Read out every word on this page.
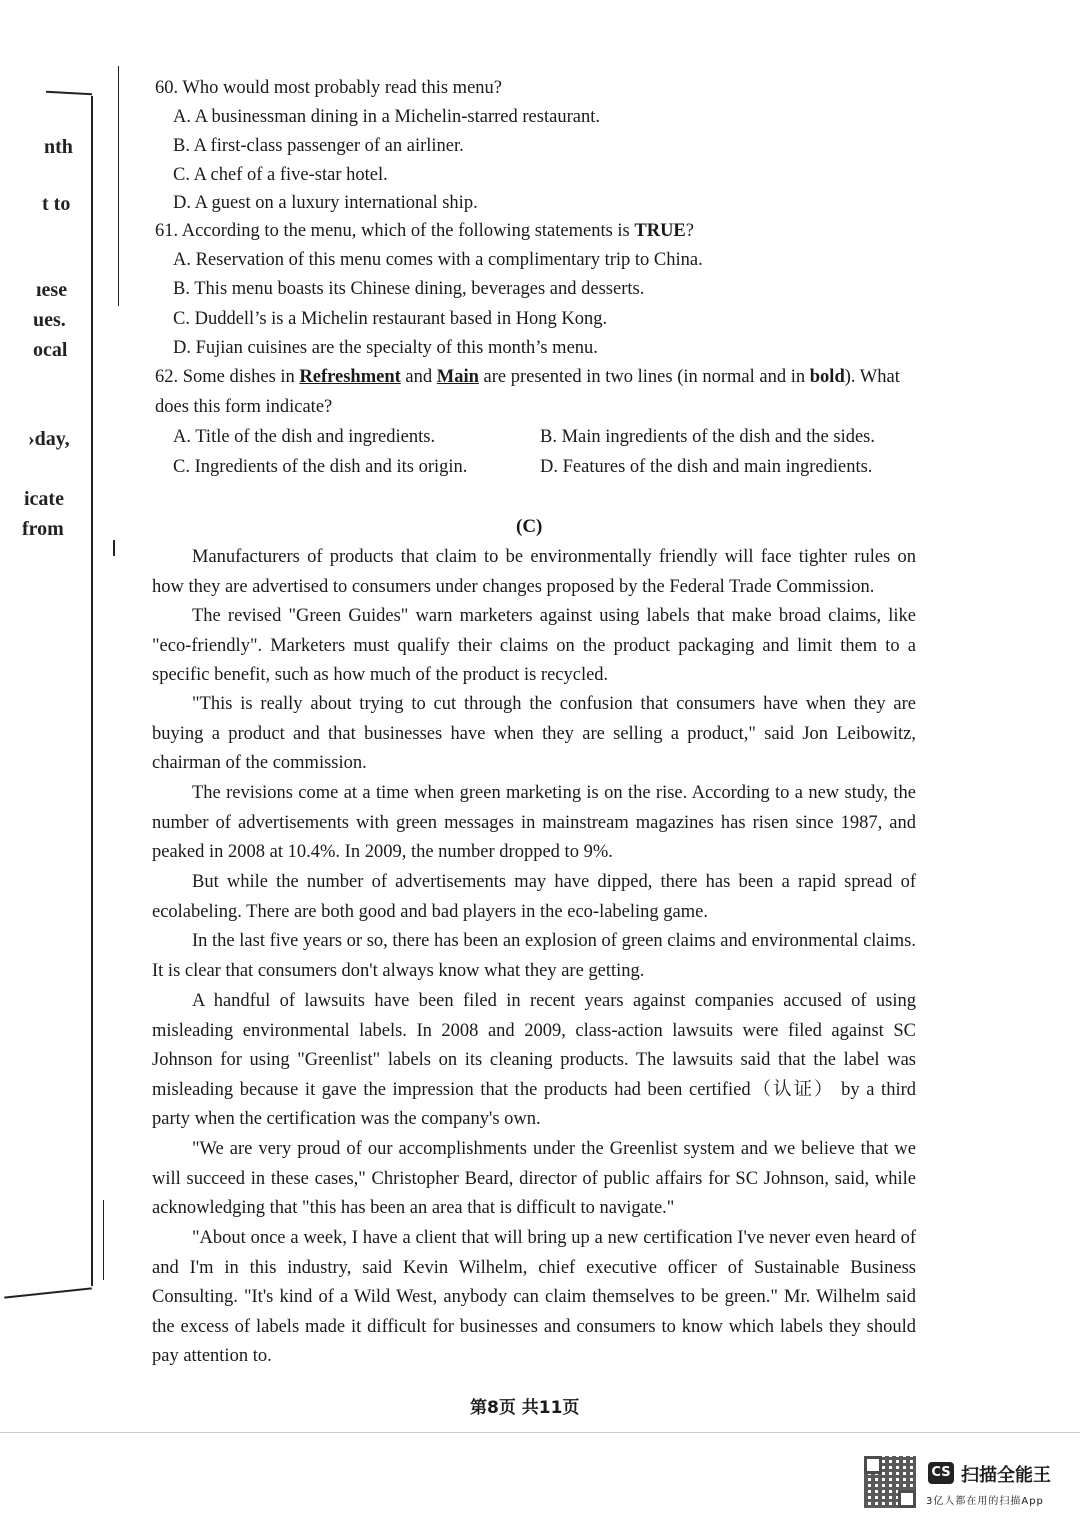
nth
t to
ıese
ues.
ocal
›day,
icate
from
60. Who would most probably read this menu?
A. A businessman dining in a Michelin-starred restaurant.
B. A first-class passenger of an airliner.
C. A chef of a five-star hotel.
D. A guest on a luxury international ship.
61. According to the menu, which of the following statements is TRUE?
A. Reservation of this menu comes with a complimentary trip to China.
B. This menu boasts its Chinese dining, beverages and desserts.
C. Duddell’s is a Michelin restaurant based in Hong Kong.
D. Fujian cuisines are the specialty of this month’s menu.
62. Some dishes in Refreshment and Main are presented in two lines (in normal and in bold). What
does this form indicate?
A. Title of the dish and ingredients.	B. Main ingredients of the dish and the sides.
C. Ingredients of the dish and its origin.	D. Features of the dish and main ingredients.
(C)
Manufacturers of products that claim to be environmentally friendly will face tighter rules on how they are advertised to consumers under changes proposed by the Federal Trade Commission.
The revised "Green Guides" warn marketers against using labels that make broad claims, like "eco-friendly". Marketers must qualify their claims on the product packaging and limit them to a specific benefit, such as how much of the product is recycled.
"This is really about trying to cut through the confusion that consumers have when they are buying a product and that businesses have when they are selling a product," said Jon Leibowitz, chairman of the commission.
The revisions come at a time when green marketing is on the rise. According to a new study, the number of advertisements with green messages in mainstream magazines has risen since 1987, and peaked in 2008 at 10.4%. In 2009, the number dropped to 9%.
But while the number of advertisements may have dipped, there has been a rapid spread of ecolabeling. There are both good and bad players in the eco-labeling game.
In the last five years or so, there has been an explosion of green claims and environmental claims. It is clear that consumers don't always know what they are getting.
A handful of lawsuits have been filed in recent years against companies accused of using misleading environmental labels. In 2008 and 2009, class-action lawsuits were filed against SC Johnson for using "Greenlist" labels on its cleaning products. The lawsuits said that the label was misleading because it gave the impression that the products had been certified（认证） by a third party when the certification was the company's own.
"We are very proud of our accomplishments under the Greenlist system and we believe that we will succeed in these cases," Christopher Beard, director of public affairs for SC Johnson, said, while acknowledging that "this has been an area that is difficult to navigate."
"About once a week, I have a client that will bring up a new certification I've never even heard of and I'm in this industry, said Kevin Wilhelm, chief executive officer of Sustainable Business Consulting. "It's kind of a Wild West, anybody can claim themselves to be green." Mr. Wilhelm said the excess of labels made it difficult for businesses and consumers to know which labels they should pay attention to.
第8页 共11页
CS 扫描全能王
3亿人都在用的扫描App
